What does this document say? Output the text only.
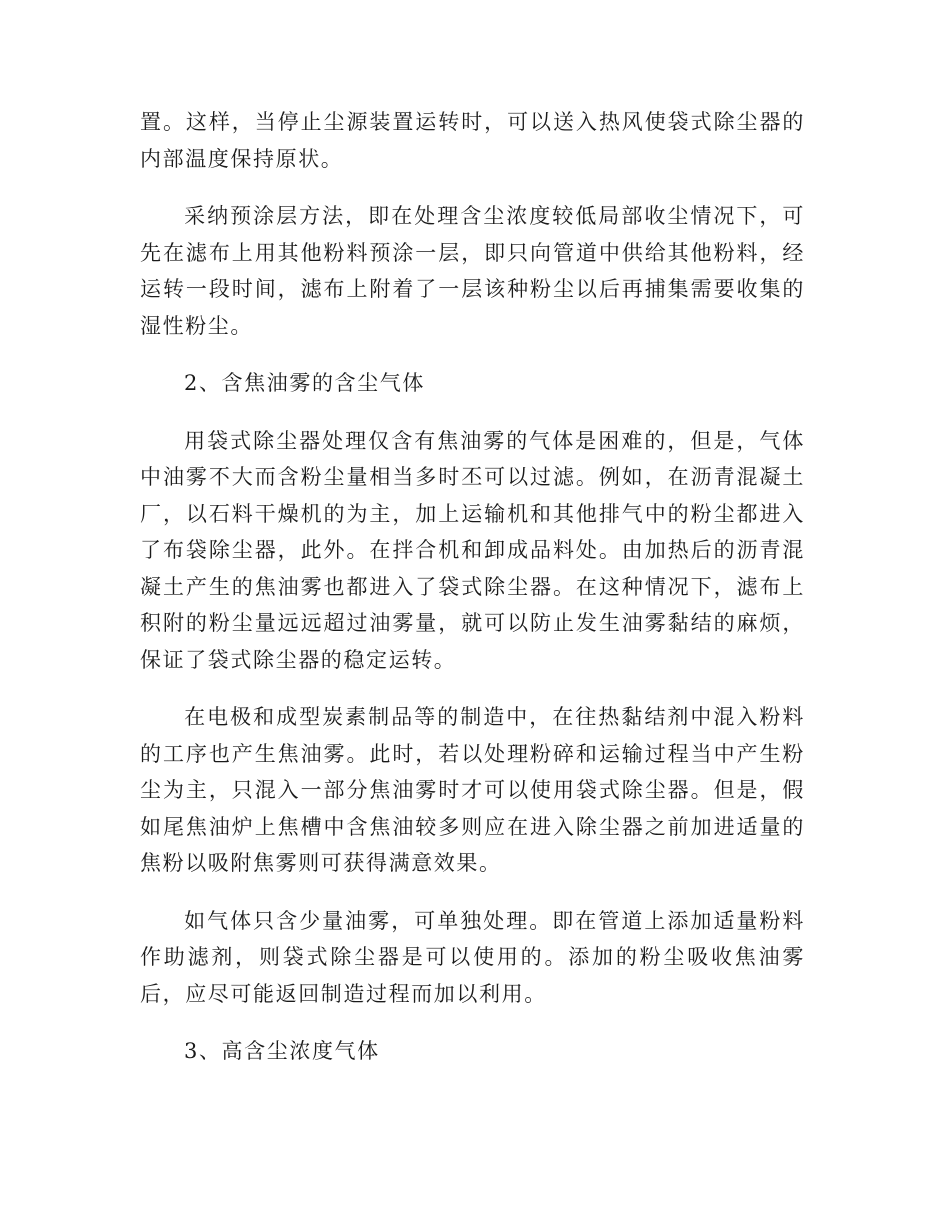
置。这样，当停止尘源装置运转时，可以送入热风使袋式除尘器的内部温度保持原状。

采纳预涂层方法，即在处理含尘浓度较低局部收尘情况下，可先在滤布上用其他粉料预涂一层，即只向管道中供给其他粉料，经运转一段时间，滤布上附着了一层该种粉尘以后再捕集需要收集的湿性粉尘。

2、含焦油雾的含尘气体

用袋式除尘器处理仅含有焦油雾的气体是困难的，但是，气体中油雾不大而含粉尘量相当多时丕可以过滤。例如，在沥青混凝土厂，以石料干燥机的为主，加上运输机和其他排气中的粉尘都进入了布袋除尘器，此外。在拌合机和卸成品料处。由加热后的沥青混凝土产生的焦油雾也都进入了袋式除尘器。在这种情况下，滤布上积附的粉尘量远远超过油雾量，就可以防止发生油雾黏结的麻烦，保证了袋式除尘器的稳定运转。

在电极和成型炭素制品等的制造中，在往热黏结剂中混入粉料的工序也产生焦油雾。此时，若以处理粉碎和运输过程当中产生粉尘为主，只混入一部分焦油雾时才可以使用袋式除尘器。但是，假如尾焦油炉上焦槽中含焦油较多则应在进入除尘器之前加进适量的焦粉以吸附焦雾则可获得满意效果。

如气体只含少量油雾，可单独处理。即在管道上添加适量粉料作助滤剂，则袋式除尘器是可以使用的。添加的粉尘吸收焦油雾后，应尽可能返回制造过程而加以利用。

3、高含尘浓度气体
